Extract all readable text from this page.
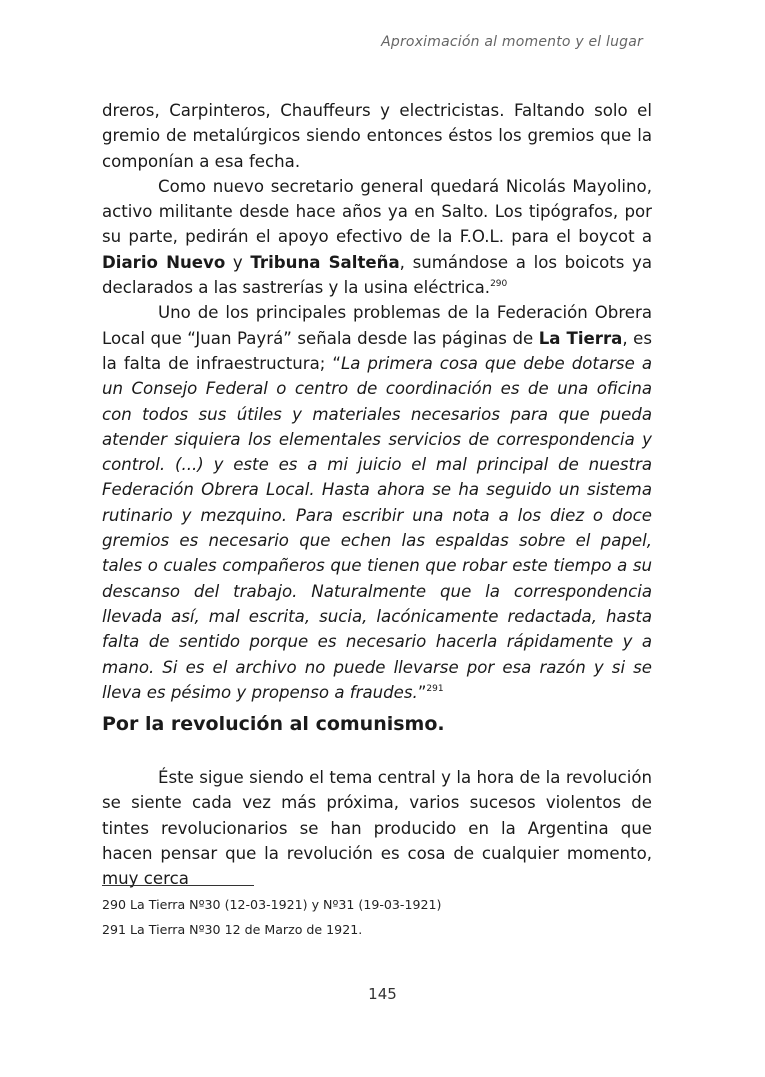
Aproximación al momento y el lugar

dreros, Carpinteros, Chauffeurs y electricistas. Faltando solo el gremio de metalúrgicos siendo entonces éstos los gremios que la componían a esa fecha.

Como nuevo secretario general quedará Nicolás Mayolino, activo militante desde hace años ya en Salto. Los tipógrafos, por su parte, pedirán el apoyo efectivo de la F.O.L. para el boycot a Diario Nuevo y Tribuna Salteña, sumándose a los boicots ya declarados a las sastrerías y la usina eléctrica.$^{290}$

Uno de los principales problemas de la Federación Obrera Local que “Juan Payrá” señala desde las páginas de La Tierra, es la falta de infraestructura; “La primera cosa que debe dotarse a un Consejo Federal o centro de coordinación es de una oficina con todos sus útiles y materiales necesarios para que pueda atender siquiera los elementales servicios de correspondencia y control. (...) y este es a mi juicio el mal principal de nuestra Federación Obrera Local. Hasta ahora se ha seguido un sistema rutinario y mezquino. Para escribir una nota a los diez o doce gremios es necesario que echen las espaldas sobre el papel, tales o cuales compañeros que tienen que robar este tiempo a su descanso del trabajo. Naturalmente que la correspondencia llevada así, mal escrita, sucia, lacónicamente redactada, hasta falta de sentido porque es necesario hacerla rápidamente y a mano. Si es el archivo no puede llevarse por esa razón y si se lleva es pésimo y propenso a fraudes.”$^{291}$

Por la revolución al comunismo.

Éste sigue siendo el tema central y la hora de la revolución se siente cada vez más próxima, varios sucesos violentos de tintes revolucionarios se han producido en la Argentina que hacen pensar que la revolución es cosa de cualquier momento, muy cerca

290 La Tierra Nº30 (12-03-1921) y Nº31 (19-03-1921)
291 La Tierra Nº30 12 de Marzo de 1921.
145
